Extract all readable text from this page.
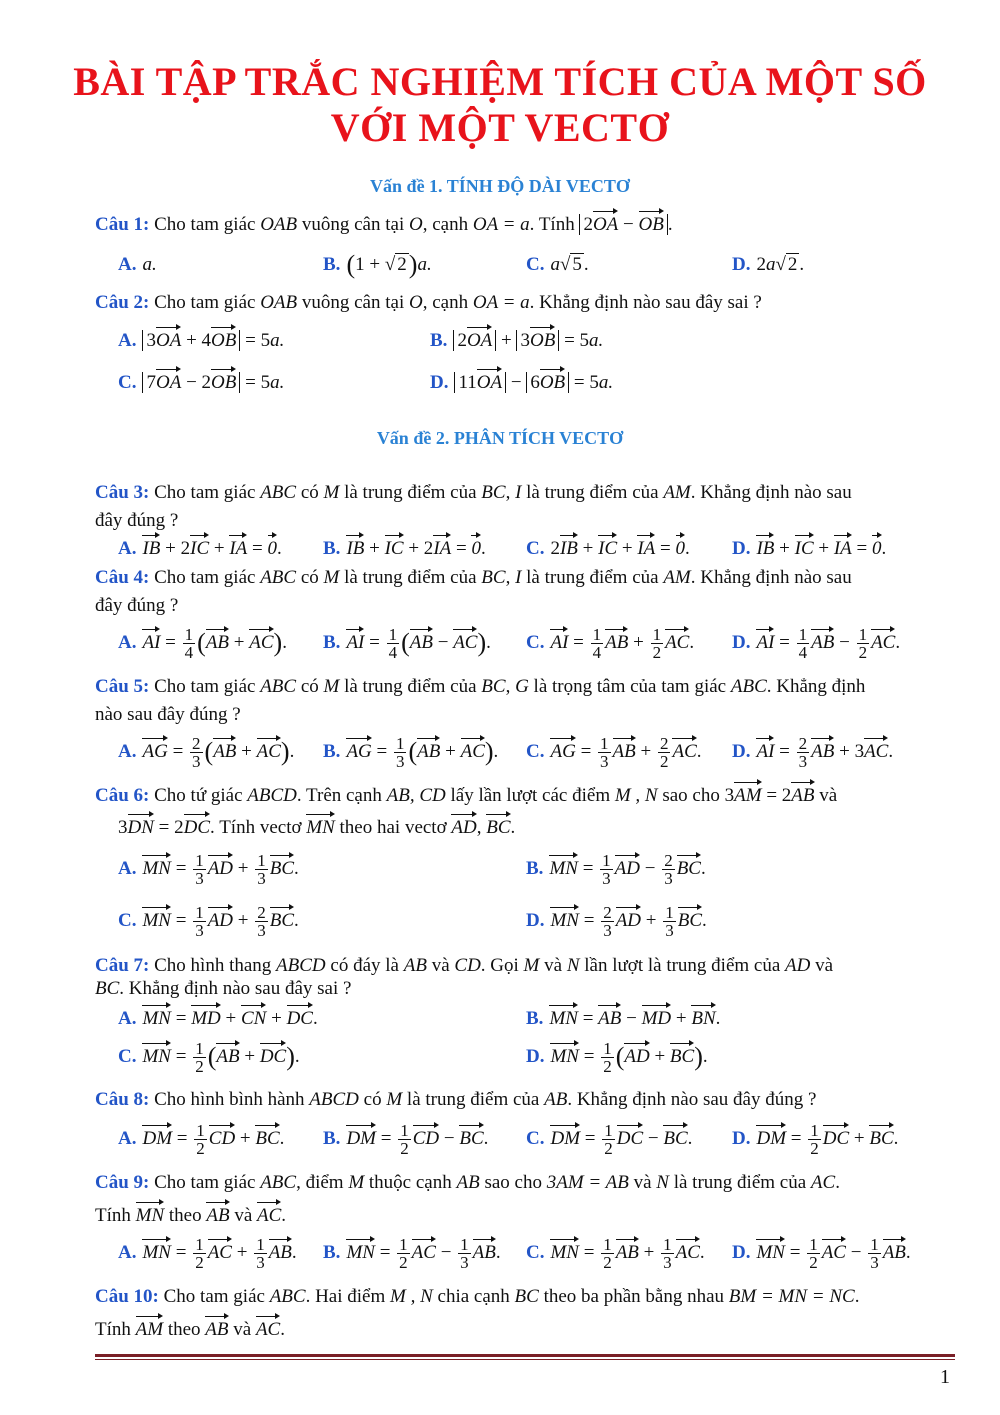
BÀI TẬP TRẮC NGHIỆM TÍCH CỦA MỘT SỐ
VỚI MỘT VECTƠ
Vấn đề 1. TÍNH ĐỘ DÀI VECTƠ
Câu 1: Cho tam giác OAB vuông cân tại O, cạnh OA = a. Tính 2OA − OB .
A. a.	B. (1 + √ 2)a.	C. a√ 5 .	D. 2a√ 2 .
Câu 2: Cho tam giác OAB vuông cân tại O, cạnh OA = a. Khẳng định nào sau đây sai ?
A. 3OA + 4OB = 5a.	B. 2OA + 3OB = 5a.
C. 7OA − 2OB = 5a.	D. 11OA − 6OB = 5a.
Vấn đề 2. PHÂN TÍCH VECTƠ
Câu 3: Cho tam giác ABC có M là trung điểm của BC, I là trung điểm của AM. Khẳng định nào sau
đây đúng ?
A. IB + 2IC + IA = 0. B. IB + IC + 2IA = 0. C. 2IB + IC + IA = 0. D. IB + IC + IA = 0.
Câu 4: Cho tam giác ABC có M là trung điểm của BC, I là trung điểm của AM. Khẳng định nào sau
đây đúng ?
A. AI = $\frac{1}{4} (AB + AC)$. B. AI = $\frac{1}{4} (AB - AC)$. C. AI = $\frac{1}{4}$ AB + $\frac{1}{2}$ AC. D. AI = $\frac{1}{4}$ AB − $\frac{1}{2}$ AC.
Câu 5: Cho tam giác ABC có M là trung điểm của BC, G là trọng tâm của tam giác ABC. Khẳng định
nào sau đây đúng ?
A. AG = $\frac{2}{3} (AB + AC)$. B. AG = $\frac{1}{3} (AB + AC)$. C. AG = $\frac{1}{3}$ AB + $\frac{2}{2}$ AC. D. AI = $\frac{2}{3}$ AB + 3AC.
Câu 6: Cho tứ giác ABCD. Trên cạnh AB, CD lấy lần lượt các điểm M , N sao cho 3AM = 2AB và
3DN = 2DC. Tính vectơ MN theo hai vectơ AD, BC.
A. MN = $\frac{1}{3}$ AD + $\frac{1}{3}$ BC.	B. MN = $\frac{1}{3}$ AD − $\frac{2}{3}$ BC.
C. MN = $\frac{1}{3}$ AD + $\frac{2}{3}$ BC.	D. MN = $\frac{2}{3}$ AD + $\frac{1}{3}$ BC.
Câu 7: Cho hình thang ABCD có đáy là AB và CD. Gọi M và N lần lượt là trung điểm của AD và
BC. Khẳng định nào sau đây sai ?
A. MN = MD + CN + DC.	B. MN = AB − MD + BN.
C. MN = $\frac{1}{2} (AB + DC)$.	D. MN = $\frac{1}{2} (AD + BC)$.
Câu 8: Cho hình bình hành ABCD có M là trung điểm của AB. Khẳng định nào sau đây đúng ?
A. DM = $\frac{1}{2}$ CD + BC. B. DM = $\frac{1}{2}$ CD − BC. C. DM = $\frac{1}{2}$ DC − BC. D. DM = $\frac{1}{2}$ DC + BC.
Câu 9: Cho tam giác ABC, điểm M thuộc cạnh AB sao cho 3AM = AB và N là trung điểm của AC.
Tính MN theo AB và AC.
A. MN = $\frac{1}{2}$ AC + $\frac{1}{3}$ AB. B. MN = $\frac{1}{2}$ AC − $\frac{1}{3}$ AB. C. MN = $\frac{1}{2}$ AB + $\frac{1}{3}$ AC. D. MN = $\frac{1}{2}$ AC − $\frac{1}{3}$ AB.
Câu 10: Cho tam giác ABC. Hai điểm M , N chia cạnh BC theo ba phần bằng nhau BM = MN = NC.
Tính AM theo AB và AC.
1
